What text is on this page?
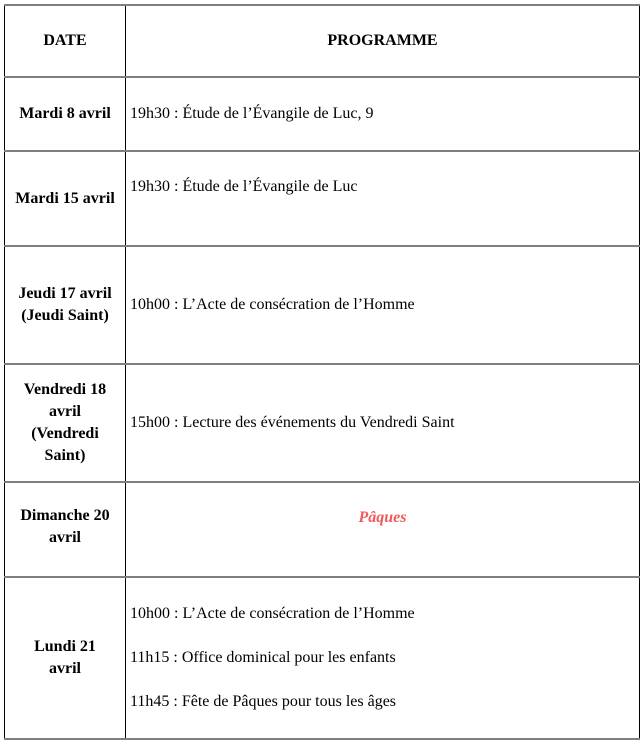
DATE	PROGRAMME
Mardi 8 avril	19h30 : Étude de l’Évangile de Luc, 9
Mardi 15 avril	19h30 : Étude de l’Évangile de Luc
Jeudi 17 avril (Jeudi Saint)	10h00 : L’Acte de consécration de l’Homme
Vendredi 18 avril (Vendredi Saint)	15h00 : Lecture des événements du Vendredi Saint
Dimanche 20 avril	Pâques
Lundi 21 avril	10h00 : L’Acte de consécration de l’Homme
11h15 : Office dominical pour les enfants
11h45 : Fête de Pâques pour tous les âges
